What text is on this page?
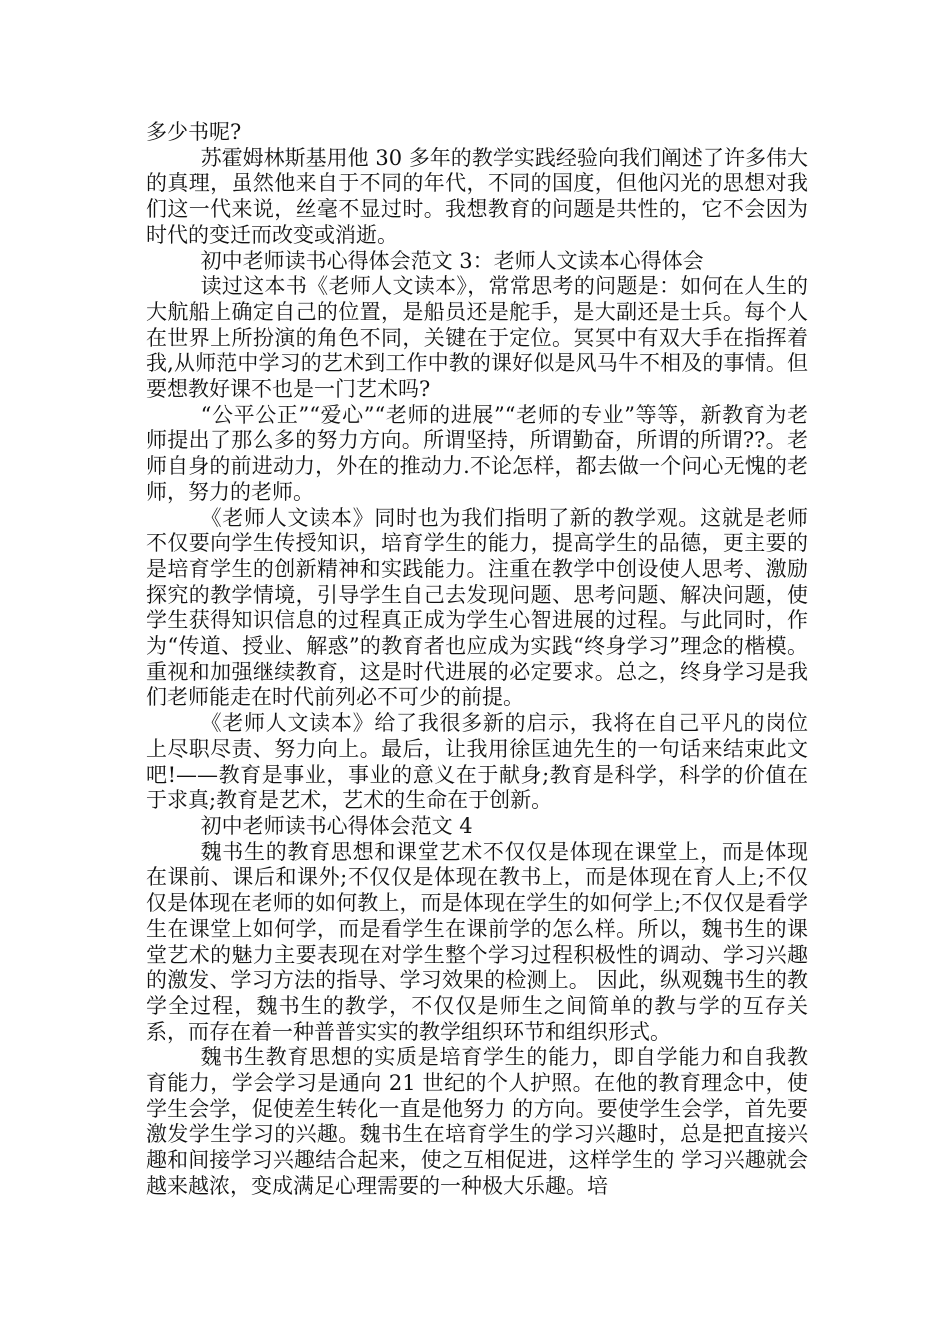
多少书呢?

苏霍姆林斯基用他 30 多年的教学实践经验向我们阐述了许多伟大的真理，虽然他来自于不同的年代，不同的国度，但他闪光的思想对我们这一代来说，丝毫不显过时。我想教育的问题是共性的，它不会因为时代的变迁而改变或消逝。

初中老师读书心得体会范文 3：老师人文读本心得体会

读过这本书《老师人文读本》，常常思考的问题是：如何在人生的大航船上确定自己的位置，是船员还是舵手，是大副还是士兵。每个人在世界上所扮演的角色不同，关键在于定位。冥冥中有双大手在指挥着我,从师范中学习的艺术到工作中教的课好似是风马牛不相及的事情。但要想教好课不也是一门艺术吗?

“公平公正”“爱心”“老师的进展”“老师的专业”等等，新教育为老师提出了那么多的努力方向。所谓坚持，所谓勤奋，所谓的所谓??。老师自身的前进动力，外在的推动力.不论怎样，都去做一个问心无愧的老师，努力的老师。

《老师人文读本》同时也为我们指明了新的教学观。这就是老师不仅要向学生传授知识，培育学生的能力，提高学生的品德，更主要的是培育学生的创新精神和实践能力。注重在教学中创设使人思考、激励探究的教学情境，引导学生自己去发现问题、思考问题、解决问题，使学生获得知识信息的过程真正成为学生心智进展的过程。与此同时，作为“传道、授业、解惑”的教育者也应成为实践“终身学习”理念的楷模。重视和加强继续教育，这是时代进展的必定要求。总之，终身学习是我们老师能走在时代前列必不可少的前提。

《老师人文读本》给了我很多新的启示，我将在自己平凡的岗位上尽职尽责、努力向上。最后，让我用徐匡迪先生的一句话来结束此文吧!——教育是事业，事业的意义在于献身;教育是科学，科学的价值在于求真;教育是艺术，艺术的生命在于创新。

初中老师读书心得体会范文 4

魏书生的教育思想和课堂艺术不仅仅是体现在课堂上，而是体现在课前、课后和课外;不仅仅是体现在教书上，而是体现在育人上;不仅仅是体现在老师的如何教上，而是体现在学生的如何学上;不仅仅是看学生在课堂上如何学，而是看学生在课前学的怎么样。所以，魏书生的课堂艺术的魅力主要表现在对学生整个学习过程积极性的调动、学习兴趣的激发、学习方法的指导、学习效果的检测上。 因此，纵观魏书生的教学全过程，魏书生的教学，不仅仅是师生之间简单的教与学的互存关系，而存在着一种普普实实的教学组织环节和组织形式。

魏书生教育思想的实质是培育学生的能力，即自学能力和自我教育能力，学会学习是通向 21 世纪的个人护照。在他的教育理念中，使学生会学，促使差生转化一直是他努力 的方向。要使学生会学，首先要激发学生学习的兴趣。魏书生在培育学生的学习兴趣时，总是把直接兴趣和间接学习兴趣结合起来，使之互相促进，这样学生的 学习兴趣就会越来越浓，变成满足心理需要的一种极大乐趣。培
